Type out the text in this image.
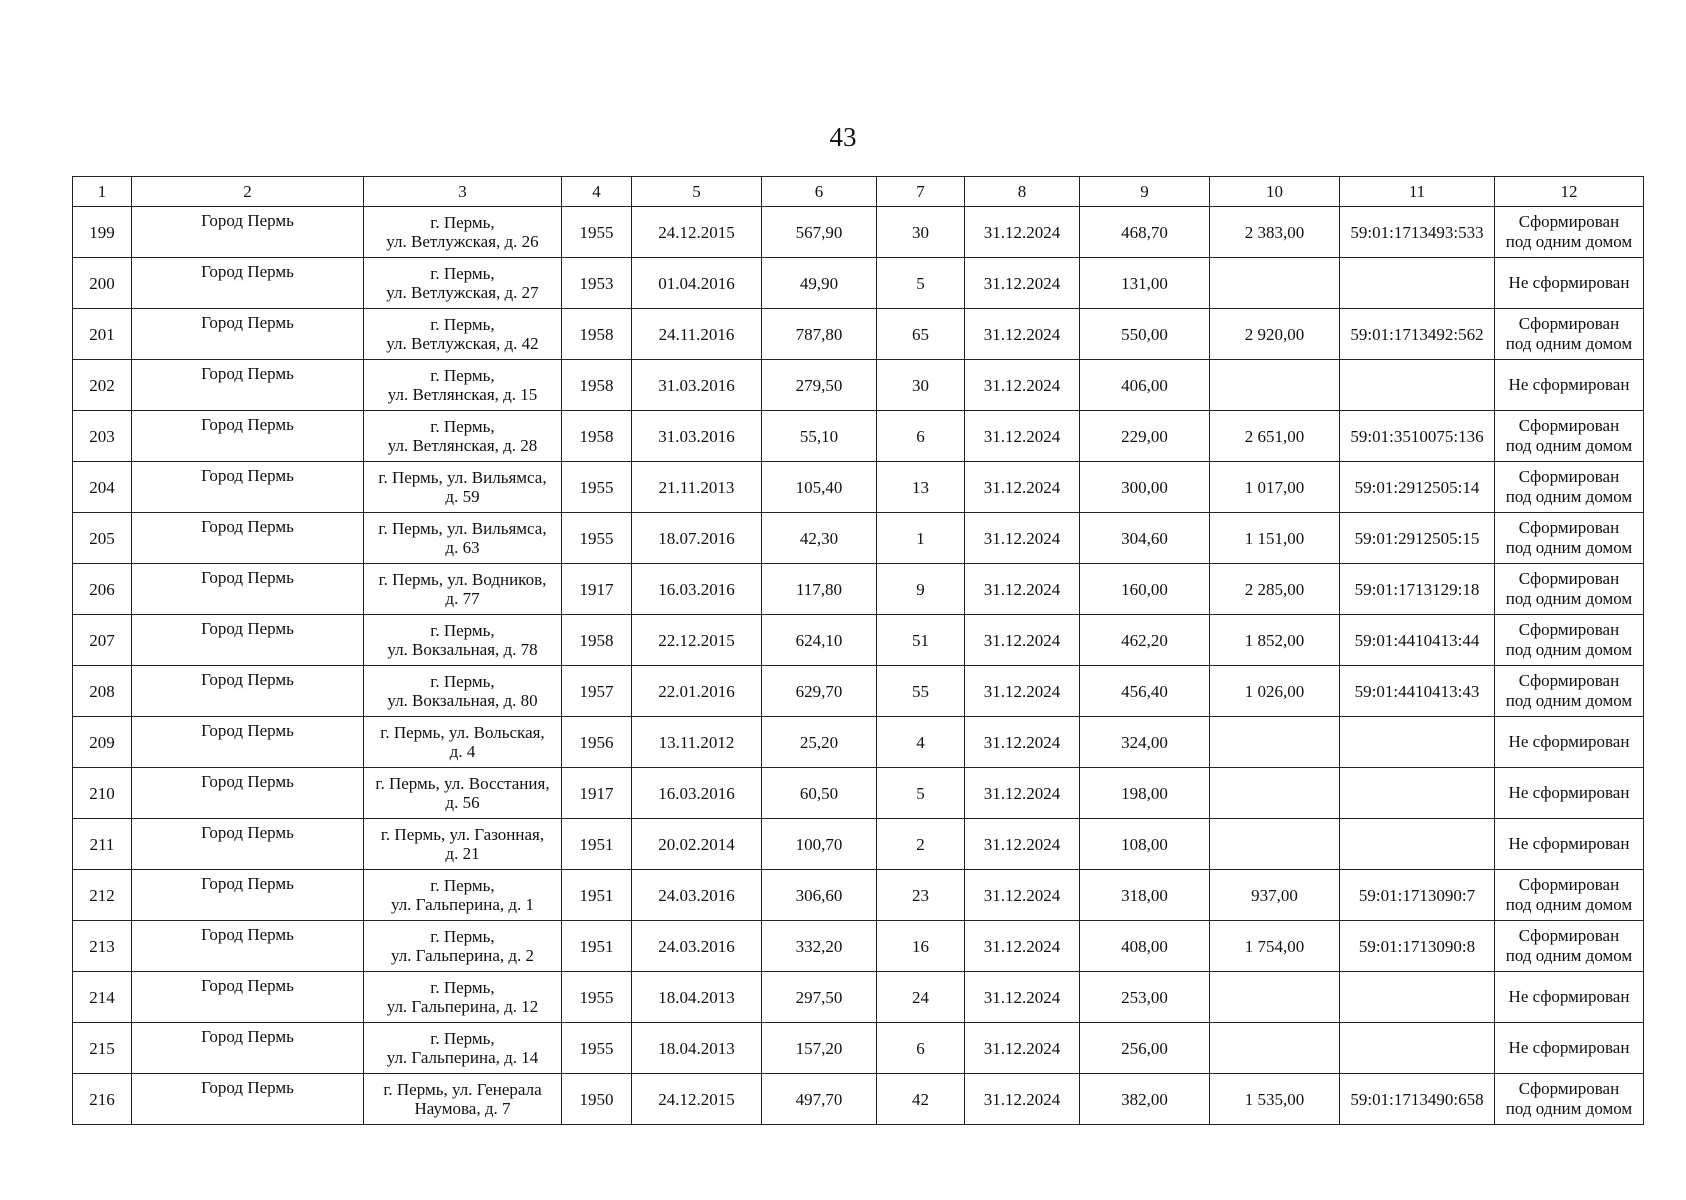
43
1	2	3	4	5	6	7	8	9	10	11	12
199	Город Пермь	г. Пермь,
ул. Ветлужская, д. 26	1955	24.12.2015	567,90	30	31.12.2024	468,70	2 383,00	59:01:1713493:533	Сформирован
под одним домом
200	Город Пермь	г. Пермь,
ул. Ветлужская, д. 27	1953	01.04.2016	49,90	5	31.12.2024	131,00			Не сформирован
201	Город Пермь	г. Пермь,
ул. Ветлужская, д. 42	1958	24.11.2016	787,80	65	31.12.2024	550,00	2 920,00	59:01:1713492:562	Сформирован
под одним домом
202	Город Пермь	г. Пермь,
ул. Ветлянская, д. 15	1958	31.03.2016	279,50	30	31.12.2024	406,00			Не сформирован
203	Город Пермь	г. Пермь,
ул. Ветлянская, д. 28	1958	31.03.2016	55,10	6	31.12.2024	229,00	2 651,00	59:01:3510075:136	Сформирован
под одним домом
204	Город Пермь	г. Пермь, ул. Вильямса,
д. 59	1955	21.11.2013	105,40	13	31.12.2024	300,00	1 017,00	59:01:2912505:14	Сформирован
под одним домом
205	Город Пермь	г. Пермь, ул. Вильямса,
д. 63	1955	18.07.2016	42,30	1	31.12.2024	304,60	1 151,00	59:01:2912505:15	Сформирован
под одним домом
206	Город Пермь	г. Пермь, ул. Водников,
д. 77	1917	16.03.2016	117,80	9	31.12.2024	160,00	2 285,00	59:01:1713129:18	Сформирован
под одним домом
207	Город Пермь	г. Пермь,
ул. Вокзальная, д. 78	1958	22.12.2015	624,10	51	31.12.2024	462,20	1 852,00	59:01:4410413:44	Сформирован
под одним домом
208	Город Пермь	г. Пермь,
ул. Вокзальная, д. 80	1957	22.01.2016	629,70	55	31.12.2024	456,40	1 026,00	59:01:4410413:43	Сформирован
под одним домом
209	Город Пермь	г. Пермь, ул. Вольская,
д. 4	1956	13.11.2012	25,20	4	31.12.2024	324,00			Не сформирован
210	Город Пермь	г. Пермь, ул. Восстания,
д. 56	1917	16.03.2016	60,50	5	31.12.2024	198,00			Не сформирован
211	Город Пермь	г. Пермь, ул. Газонная,
д. 21	1951	20.02.2014	100,70	2	31.12.2024	108,00			Не сформирован
212	Город Пермь	г. Пермь,
ул. Гальперина, д. 1	1951	24.03.2016	306,60	23	31.12.2024	318,00	937,00	59:01:1713090:7	Сформирован
под одним домом
213	Город Пермь	г. Пермь,
ул. Гальперина, д. 2	1951	24.03.2016	332,20	16	31.12.2024	408,00	1 754,00	59:01:1713090:8	Сформирован
под одним домом
214	Город Пермь	г. Пермь,
ул. Гальперина, д. 12	1955	18.04.2013	297,50	24	31.12.2024	253,00			Не сформирован
215	Город Пермь	г. Пермь,
ул. Гальперина, д. 14	1955	18.04.2013	157,20	6	31.12.2024	256,00			Не сформирован
216	Город Пермь	г. Пермь, ул. Генерала
Наумова, д. 7	1950	24.12.2015	497,70	42	31.12.2024	382,00	1 535,00	59:01:1713490:658	Сформирован
под одним домом
